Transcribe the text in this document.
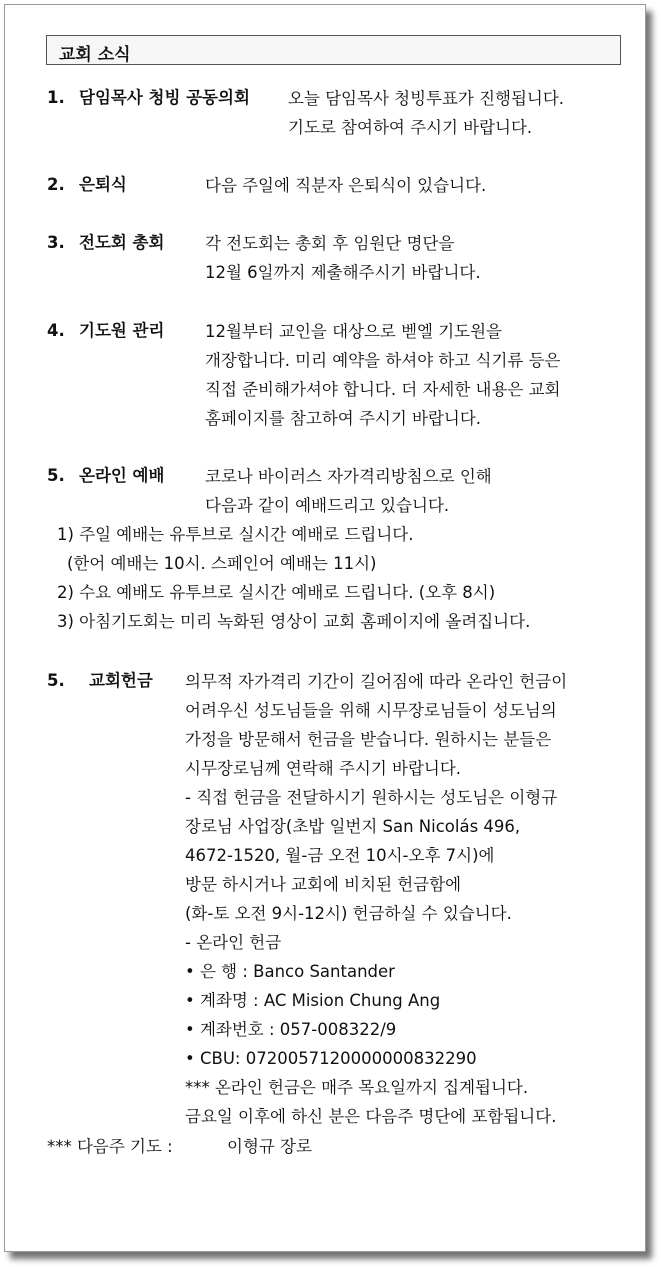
교회 소식
1. 담임목사 청빙 공동의회 오늘 담임목사 청빙투표가 진행됩니다.
기도로 참여하여 주시기 바랍니다.
2. 은퇴식	다음 주일에 직분자 은퇴식이 있습니다.
3. 전도회 총회 각 전도회는 총회 후 임원단 명단을
12월 6일까지 제출해주시기 바랍니다.
4. 기도원 관리 12월부터 교인을 대상으로 벧엘 기도원을
개장합니다. 미리 예약을 하셔야 하고 식기류 등은
직접 준비해가셔야 합니다. 더 자세한 내용은 교회
홈페이지를 참고하여 주시기 바랍니다.
5. 온라인 예배 코로나 바이러스 자가격리방침으로 인해
다음과 같이 예배드리고 있습니다.
1) 주일 예배는 유투브로 실시간 예배로 드립니다.
(한어 예배는 10시. 스페인어 예배는 11시)
2) 수요 예배도 유투브로 실시간 예배로 드립니다. (오후 8시)
3) 아침기도회는 미리 녹화된 영상이 교회 홈페이지에 올려집니다.
5. 교회헌금 의무적 자가격리 기간이 길어짐에 따라 온라인 헌금이
어려우신 성도님들을 위해 시무장로님들이 성도님의
가정을 방문해서 헌금을 받습니다. 원하시는 분들은
시무장로님께 연락해 주시기 바랍니다.
- 직접 헌금을 전달하시기 원하시는 성도님은 이형규
장로님 사업장(초밥 일번지 San Nicolás 496,
4672-1520, 월-금 오전 10시-오후 7시)에
방문 하시거나 교회에 비치된 헌금함에
(화-토 오전 9시-12시) 헌금하실 수 있습니다.
- 온라인 헌금
• 은 행 : Banco Santander
• 계좌명 : AC Mision Chung Ang
• 계좌번호 : 057-008322/9
• CBU: 0720057120000000832290
*** 온라인 헌금은 매주 목요일까지 집계됩니다.
금요일 이후에 하신 분은 다음주 명단에 포함됩니다.
*** 다음주 기도 :	이형규 장로
